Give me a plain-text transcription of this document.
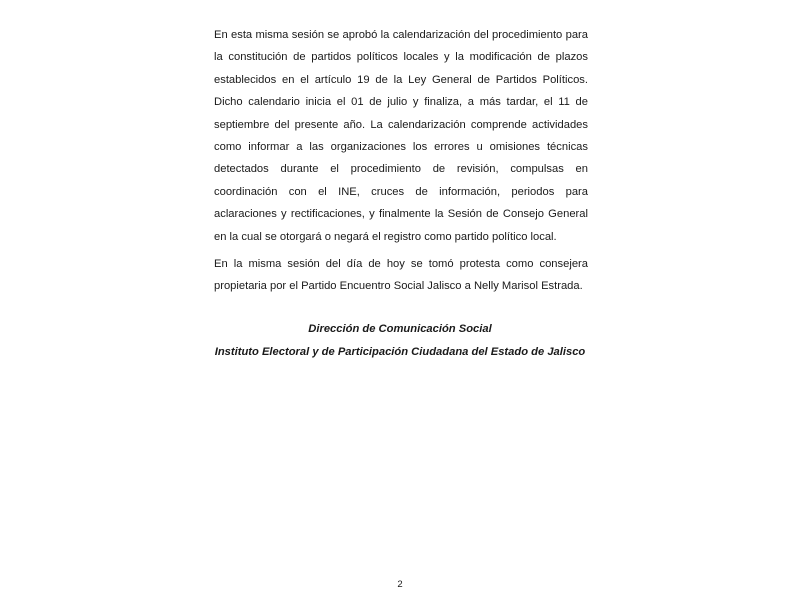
En esta misma sesión se aprobó la calendarización del procedimiento para la constitución de partidos políticos locales y la modificación de plazos establecidos en el artículo 19 de la Ley General de Partidos Políticos. Dicho calendario inicia el 01 de julio y finaliza, a más tardar, el 11 de septiembre del presente año. La calendarización comprende actividades como informar a las organizaciones los errores u omisiones técnicas detectados durante el procedimiento de revisión, compulsas en coordinación con el INE, cruces de información, periodos para aclaraciones y rectificaciones, y finalmente la Sesión de Consejo General en la cual se otorgará o negará el registro como partido político local.

En la misma sesión del día de hoy se tomó protesta como consejera propietaria por el Partido Encuentro Social Jalisco a Nelly Marisol Estrada.

Dirección de Comunicación Social
Instituto Electoral y de Participación Ciudadana del Estado de Jalisco
2
